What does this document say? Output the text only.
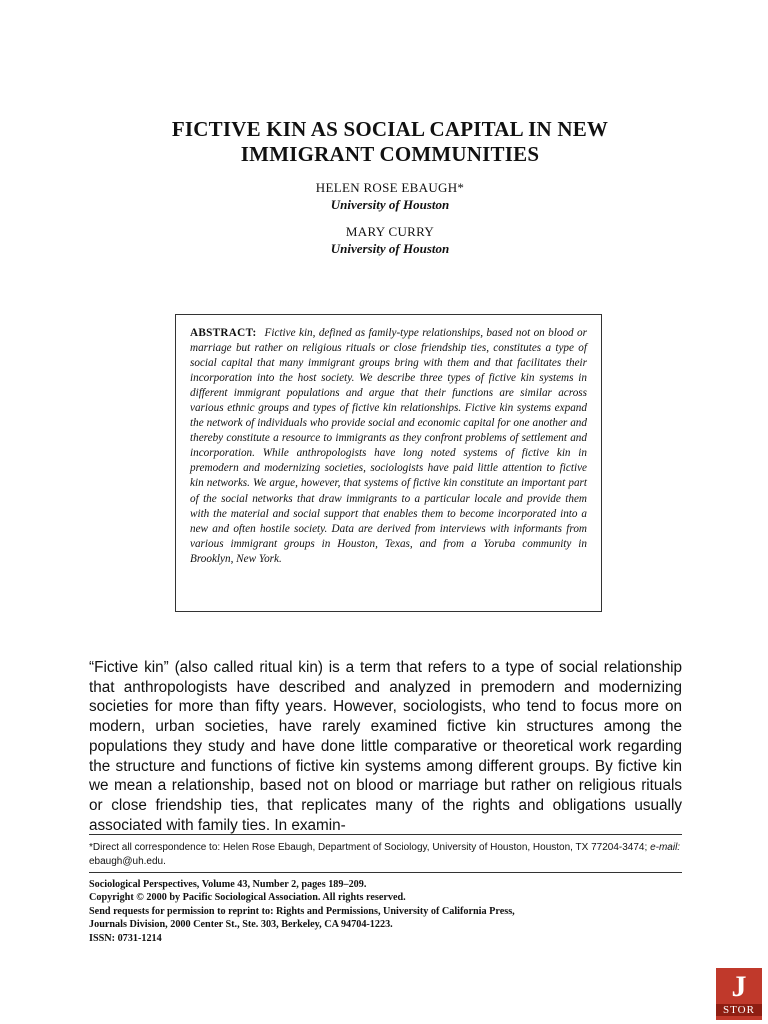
FICTIVE KIN AS SOCIAL CAPITAL IN NEW
IMMIGRANT COMMUNITIES
HELEN ROSE EBAUGH*
University of Houston
MARY CURRY
University of Houston

ABSTRACT: Fictive kin, defined as family-type relationships, based not on blood or marriage but rather on religious rituals or close friendship ties, constitutes a type of social capital that many immigrant groups bring with them and that facilitates their incorporation into the host society. We describe three types of fictive kin systems in different immigrant populations and argue that their functions are similar across various ethnic groups and types of fictive kin relationships. Fictive kin systems expand the network of individuals who provide social and economic capital for one another and thereby constitute a resource to immigrants as they confront problems of settlement and incorporation. While anthropologists have long noted systems of fictive kin in premodern and modernizing societies, sociologists have paid little attention to fictive kin networks. We argue, however, that systems of fictive kin constitute an important part of the social networks that draw immigrants to a particular locale and provide them with the material and social support that enables them to become incorporated into a new and often hostile society. Data are derived from interviews with informants from various immigrant groups in Houston, Texas, and from a Yoruba community in Brooklyn, New York.

“Fictive kin” (also called ritual kin) is a term that refers to a type of social relationship that anthropologists have described and analyzed in premodern and modernizing societies for more than fifty years. However, sociologists, who tend to focus more on modern, urban societies, have rarely examined fictive kin structures among the populations they study and have done little comparative or theoretical work regarding the structure and functions of fictive kin systems among different groups. By fictive kin we mean a relationship, based not on blood or marriage but rather on religious rituals or close friendship ties, that replicates many of the rights and obligations usually associated with family ties. In examin-

*Direct all correspondence to: Helen Rose Ebaugh, Department of Sociology, University of Houston, Houston, TX 77204-3474; e-mail: ebaugh@uh.edu.

Sociological Perspectives, Volume 43, Number 2, pages 189–209.
Copyright © 2000 by Pacific Sociological Association. All rights reserved.
Send requests for permission to reprint to: Rights and Permissions, University of California Press,
Journals Division, 2000 Center St., Ste. 303, Berkeley, CA 94704-1223.
ISSN: 0731-1214
J
STOR
